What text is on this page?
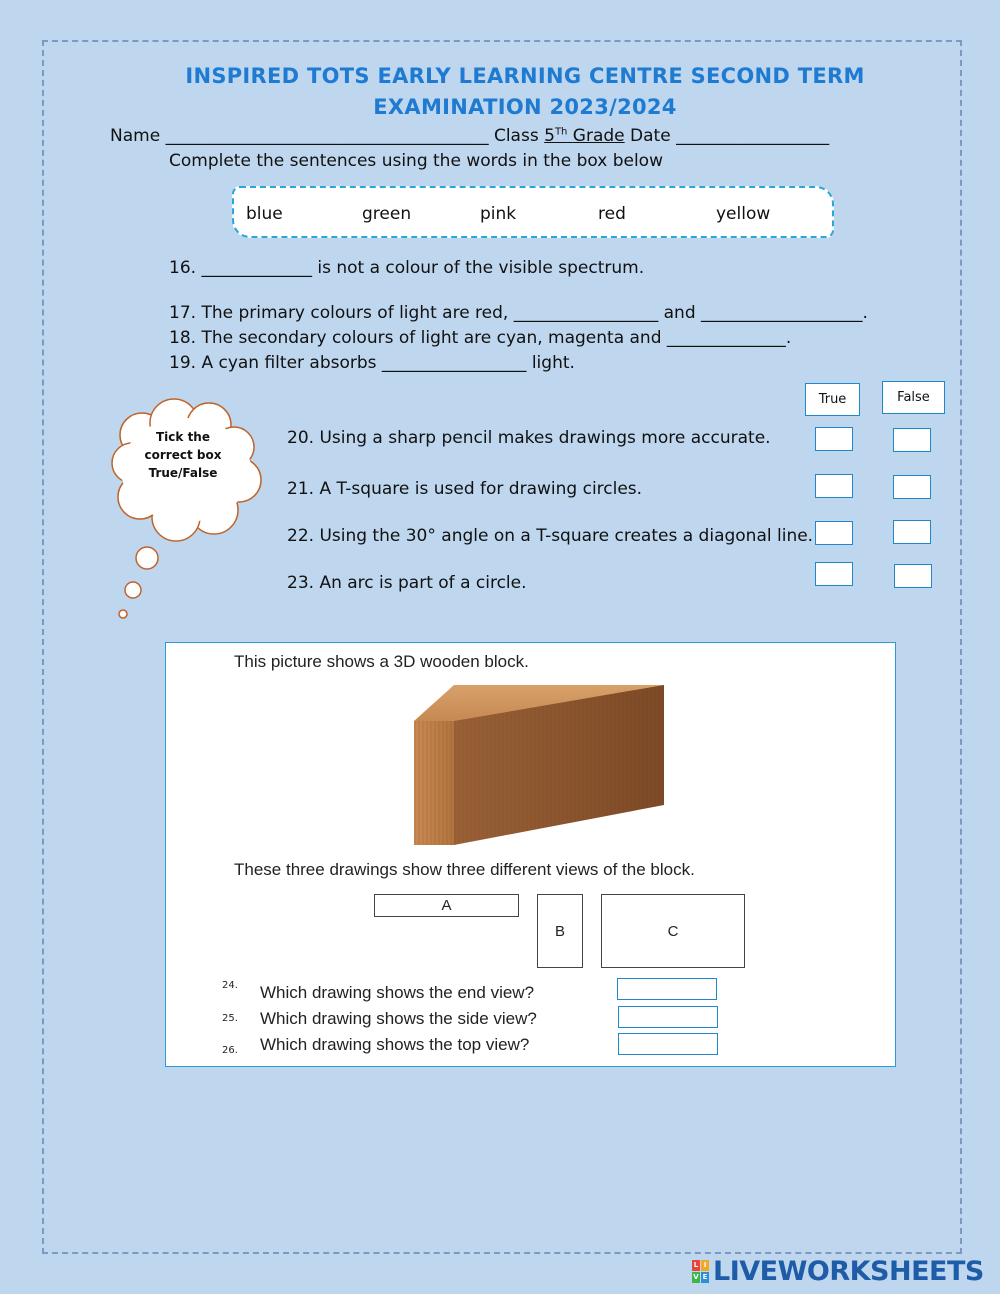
INSPIRED TOTS EARLY LEARNING CENTRE SECOND TERM
EXAMINATION 2023/2024
Name ______________________________________ Class 5Th Grade Date __________________
Complete the sentences using the words in the box below
blue	green	pink	red	yellow
16. _____________ is not a colour of the visible spectrum.
17. The primary colours of light are red, _________________ and ___________________.
18. The secondary colours of light are cyan, magenta and ______________.
19. A cyan filter absorbs _________________ light.
Tick the
correct box
True/False
True	False
20. Using a sharp pencil makes drawings more accurate.
21. A T-square is used for drawing circles.
22. Using the 30° angle on a T-square creates a diagonal line.
23. An arc is part of a circle.
This picture shows a 3D wooden block.
These three drawings show three different views of the block.
A
B	C
24. Which drawing shows the end view?
25. Which drawing shows the side view?
26. Which drawing shows the top view?
L I
V E LIVEWORKSHEETS
